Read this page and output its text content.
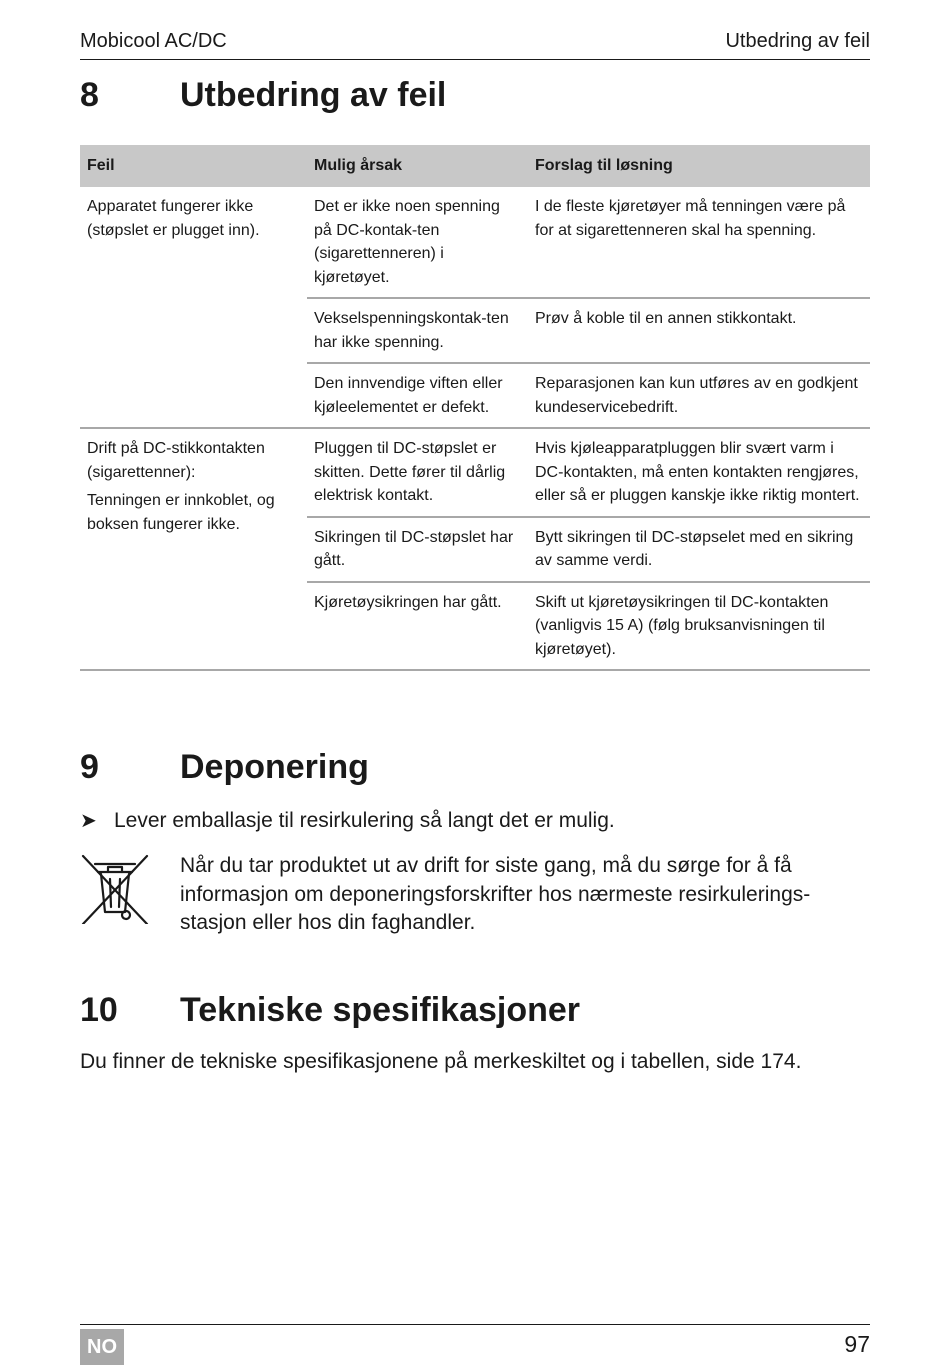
Mobicool AC/DC	Utbedring av feil
8	Utbedring av feil
Feil	Mulig årsak	Forslag til løsning

Apparatet fungerer ikke (støpslet er plugget inn).	Det er ikke noen spenning på DC-kontak-ten (sigarettenneren) i kjøretøyet.	I de fleste kjøretøyer må tenningen være på for at sigarettenneren skal ha spenning.
	Vekselspenningskontak-ten har ikke spenning.	Prøv å koble til en annen stikkontakt.
	Den innvendige viften eller kjøleelementet er defekt.	Reparasjonen kan kun utføres av en godkjent kundeservicebedrift.

Drift på DC-stikkontakten (sigarettenner):

Tenningen er innkoblet, og boksen fungerer ikke.	Pluggen til DC-støpslet er skitten. Dette fører til dårlig elektrisk kontakt.	Hvis kjøleapparatpluggen blir svært varm i DC-kontakten, må enten kontakten rengjøres, eller så er pluggen kanskje ikke riktig montert.
	Sikringen til DC-støpslet har gått.	Bytt sikringen til DC-støpselet med en sikring av samme verdi.
	Kjøretøysikringen har gått.	Skift ut kjøretøysikringen til DC-kontakten (vanligvis 15 A) (følg bruksanvisningen til kjøretøyet).
9	Deponering
➤ Lever emballasje til resirkulering så langt det er mulig.
Når du tar produktet ut av drift for siste gang, må du sørge for å få informasjon om deponeringsforskrifter hos nærmeste resirkulerings-stasjon eller hos din faghandler.
10	Tekniske spesifikasjoner
Du finner de tekniske spesifikasjonene på merkeskiltet og i tabellen, side 174.
NO	97
